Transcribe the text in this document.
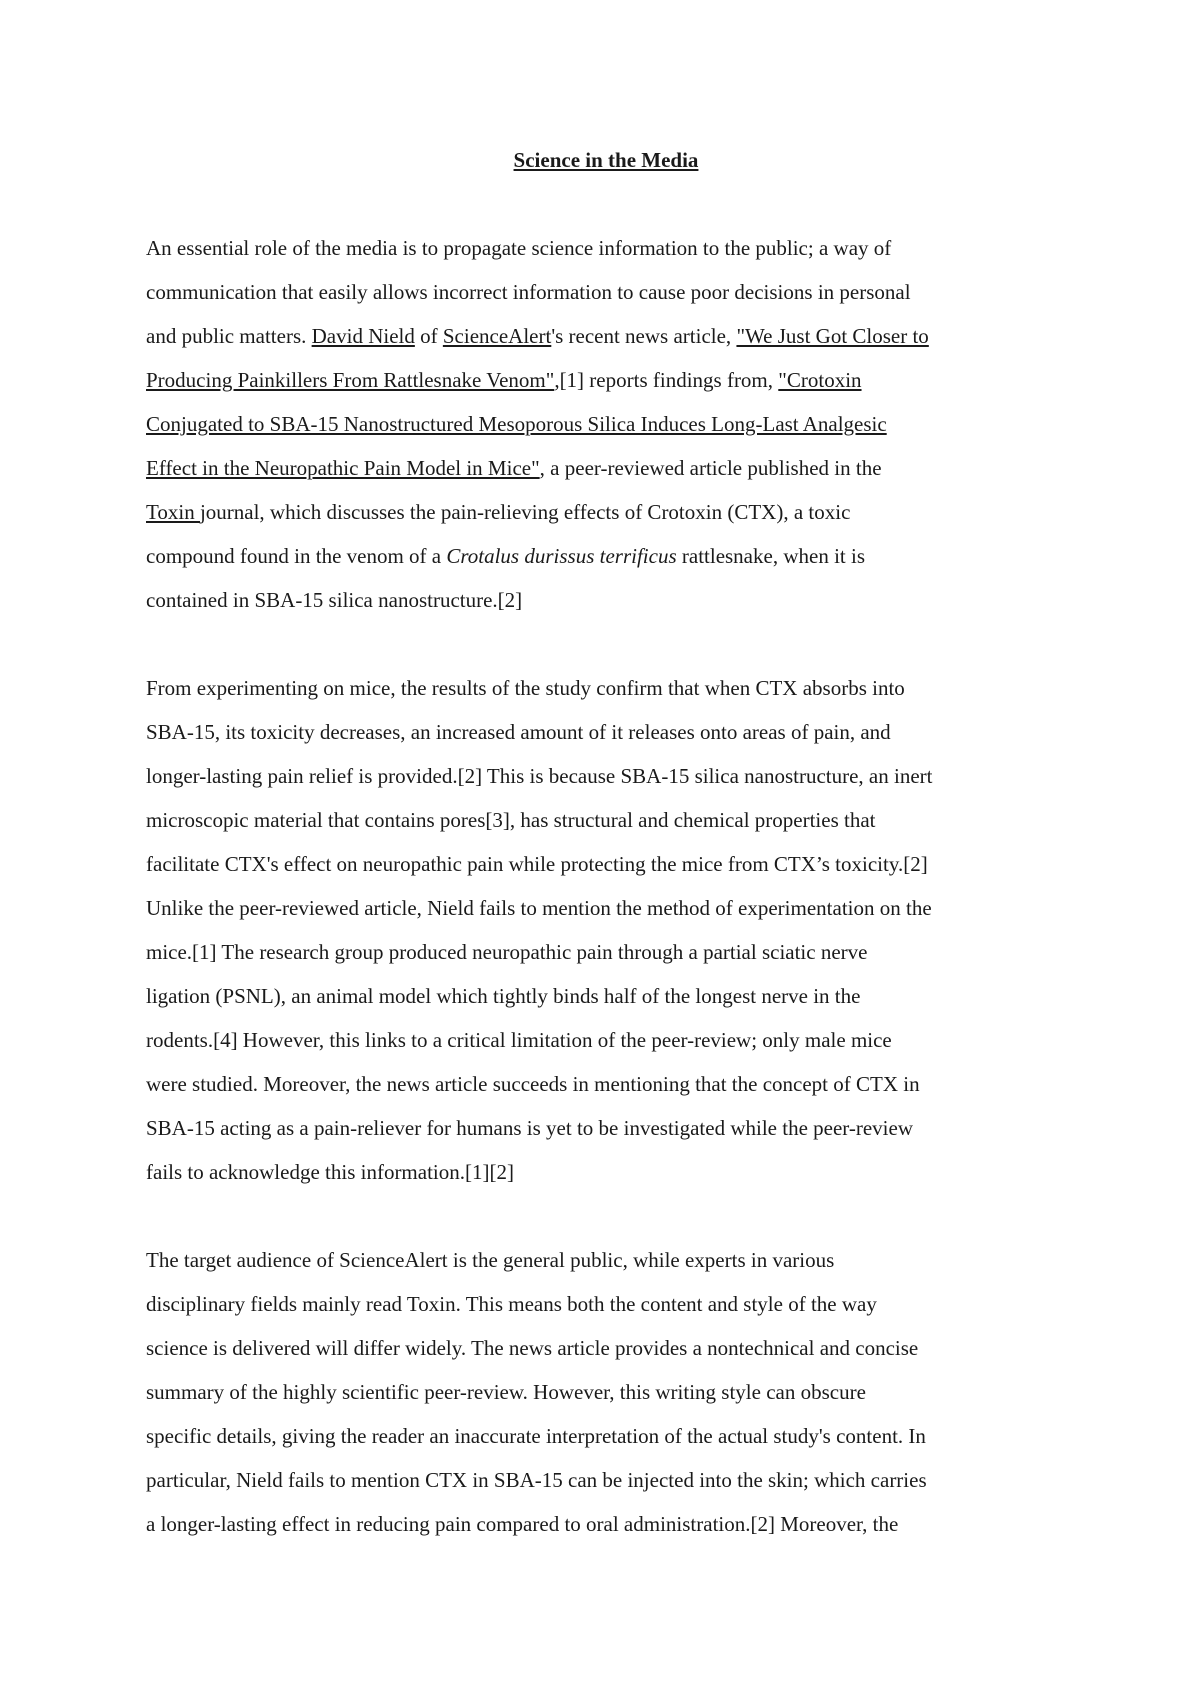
Science in the Media

An essential role of the media is to propagate science information to the public; a way of
communication that easily allows incorrect information to cause poor decisions in personal
and public matters. David Nield of ScienceAlert's recent news article, "We Just Got Closer to
Producing Painkillers From Rattlesnake Venom",[1] reports findings from, "Crotoxin
Conjugated to SBA-15 Nanostructured Mesoporous Silica Induces Long-Last Analgesic
Effect in the Neuropathic Pain Model in Mice", a peer-reviewed article published in the
Toxin journal, which discusses the pain-relieving effects of Crotoxin (CTX), a toxic
compound found in the venom of a Crotalus durissus terrificus rattlesnake, when it is
contained in SBA-15 silica nanostructure.[2]

From experimenting on mice, the results of the study confirm that when CTX absorbs into
SBA-15, its toxicity decreases, an increased amount of it releases onto areas of pain, and
longer-lasting pain relief is provided.[2] This is because SBA-15 silica nanostructure, an inert
microscopic material that contains pores[3], has structural and chemical properties that
facilitate CTX's effect on neuropathic pain while protecting the mice from CTX’s toxicity.[2]
Unlike the peer-reviewed article, Nield fails to mention the method of experimentation on the
mice.[1] The research group produced neuropathic pain through a partial sciatic nerve
ligation (PSNL), an animal model which tightly binds half of the longest nerve in the
rodents.[4] However, this links to a critical limitation of the peer-review; only male mice
were studied. Moreover, the news article succeeds in mentioning that the concept of CTX in
SBA-15 acting as a pain-reliever for humans is yet to be investigated while the peer-review
fails to acknowledge this information.[1][2]

The target audience of ScienceAlert is the general public, while experts in various
disciplinary fields mainly read Toxin. This means both the content and style of the way
science is delivered will differ widely. The news article provides a nontechnical and concise
summary of the highly scientific peer-review. However, this writing style can obscure
specific details, giving the reader an inaccurate interpretation of the actual study's content. In
particular, Nield fails to mention CTX in SBA-15 can be injected into the skin; which carries
a longer-lasting effect in reducing pain compared to oral administration.[2] Moreover, the
